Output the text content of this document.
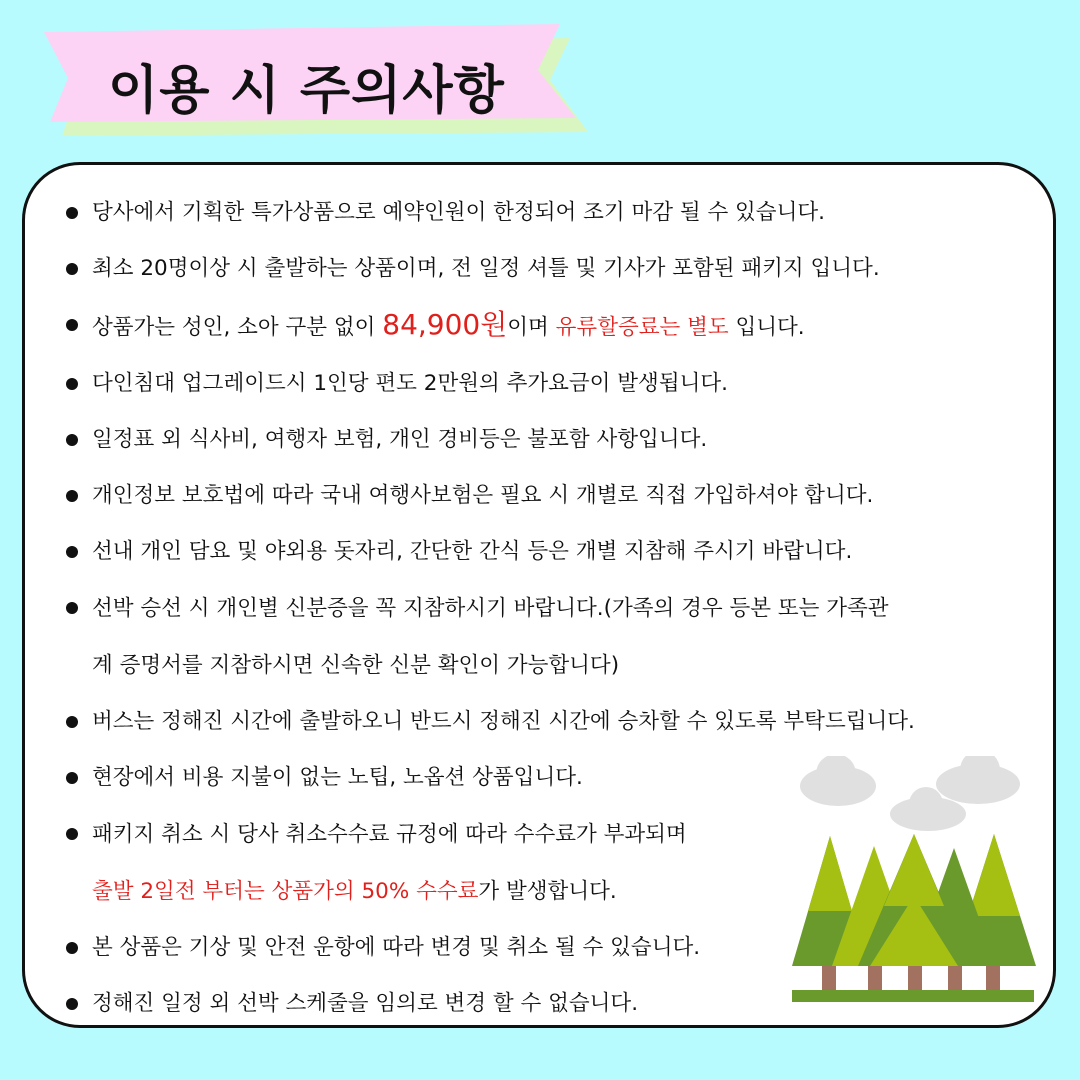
이용 시 주의사항
당사에서 기획한 특가상품으로 예약인원이 한정되어 조기 마감 될 수 있습니다.
최소 20명이상 시 출발하는 상품이며, 전 일정 셔틀 및 기사가 포함된 패키지 입니다.
상품가는 성인, 소아 구분 없이 84,900원이며 유류할증료는 별도 입니다.
다인침대 업그레이드시 1인당 편도 2만원의 추가요금이 발생됩니다.
일정표 외 식사비, 여행자 보험, 개인 경비등은 불포함 사항입니다.
개인정보 보호법에 따라 국내 여행사보험은 필요 시 개별로 직접 가입하셔야 합니다.
선내 개인 담요 및 야외용 돗자리, 간단한 간식 등은 개별 지참해 주시기 바랍니다.
선박 승선 시 개인별 신분증을 꼭 지참하시기 바랍니다.(가족의 경우 등본 또는 가족관
계 증명서를 지참하시면 신속한 신분 확인이 가능합니다)
버스는 정해진 시간에 출발하오니 반드시 정해진 시간에 승차할 수 있도록 부탁드립니다.
현장에서 비용 지불이 없는 노팁, 노옵션 상품입니다.
패키지 취소 시 당사 취소수수료 규정에 따라 수수료가 부과되며
출발 2일전 부터는 상품가의 50% 수수료가 발생합니다.
본 상품은 기상 및 안전 운항에 따라 변경 및 취소 될 수 있습니다.
정해진 일정 외 선박 스케줄을 임의로 변경 할 수 없습니다.
